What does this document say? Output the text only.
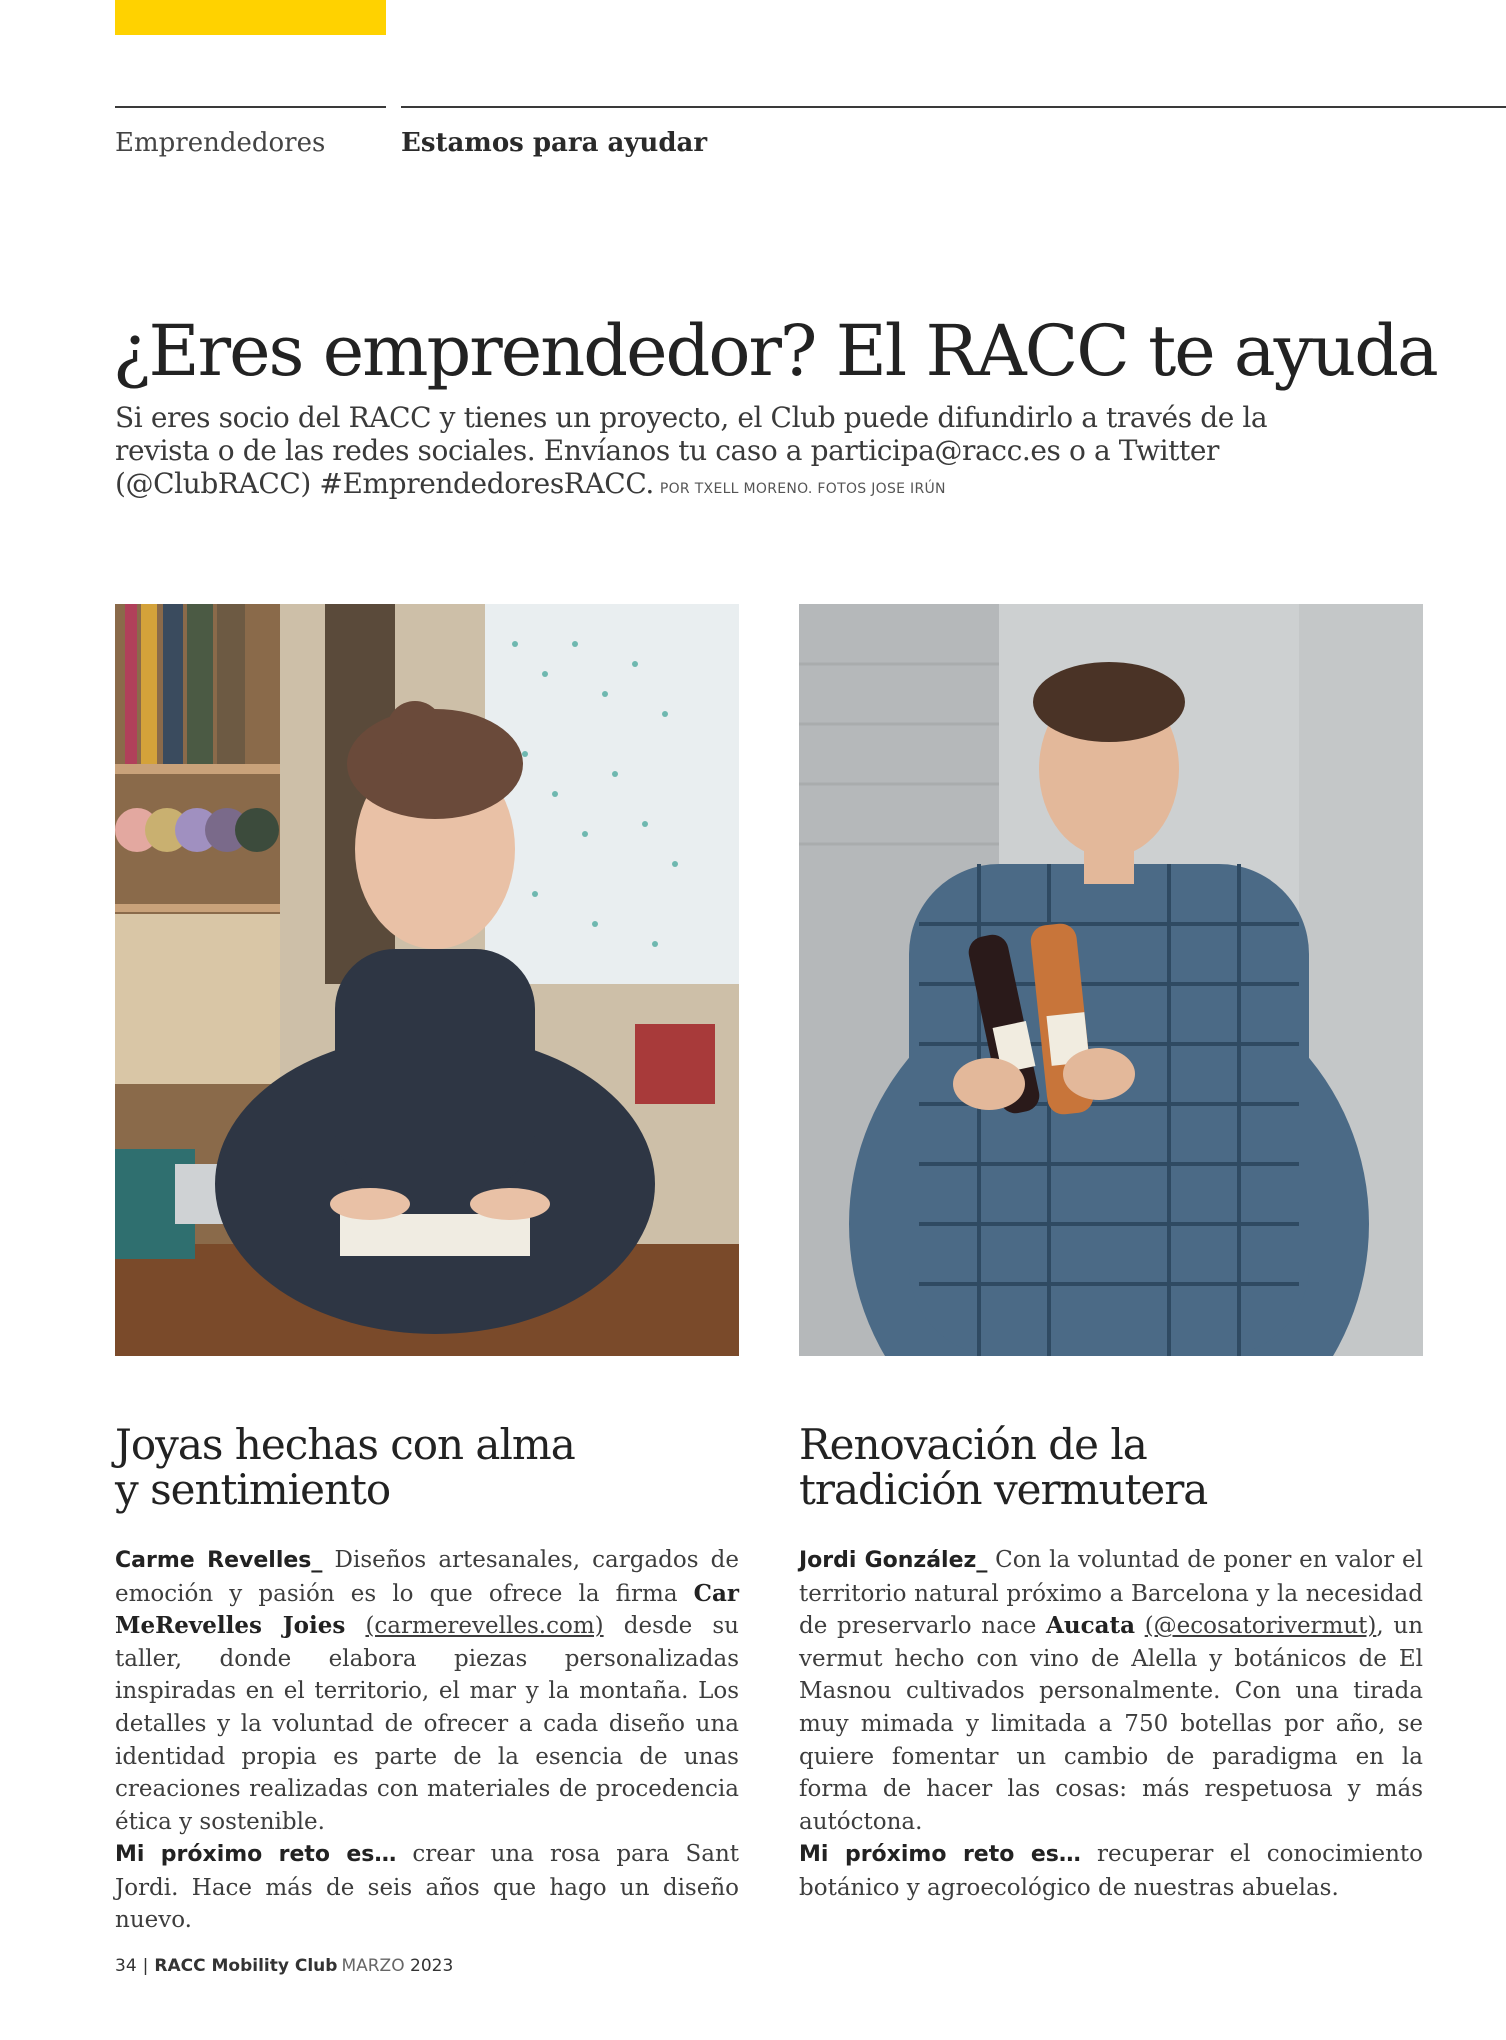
Emprendedores	Estamos para ayudar
¿Eres emprendedor? El RACC te ayuda

Si eres socio del RACC y tienes un proyecto, el Club puede difundirlo a través de la revista o de las redes sociales. Envíanos tu caso a participa@racc.es o a Twitter (@ClubRACC) #EmprendedoresRACC. POR TXELL MORENO. FOTOS JOSE IRÚN

Joyas hechas con alma
y sentimiento
Renovación de la
tradición vermutera

Carme Revelles_ Diseños artesanales, cargados de emoción y pasión es lo que ofrece la firma Car MeRevelles Joies (carmerevelles.com) desde su taller, donde elabora piezas personalizadas inspiradas en el territorio, el mar y la montaña. Los detalles y la voluntad de ofrecer a cada diseño una identidad propia es parte de la esencia de unas creaciones realizadas con materiales de procedencia ética y sostenible.

Jordi González_ Con la voluntad de poner en valor el territorio natural próximo a Barcelona y la necesidad de preservarlo nace Aucata (@ecosatorivermut), un vermut hecho con vino de Alella y botánicos de El Masnou cultivados personalmente. Con una tirada muy mimada y limitada a 750 botellas por año, se quiere fomentar un cambio de paradigma en la forma de hacer las cosas: más respetuosa y más autóctona.

Mi próximo reto es… crear una rosa para Sant Jordi. Hace más de seis años que hago un diseño nuevo.

Mi próximo reto es… recuperar el conocimiento botánico y agroecológico de nuestras abuelas.

34 | RACC Mobility Club MARZO 2023
